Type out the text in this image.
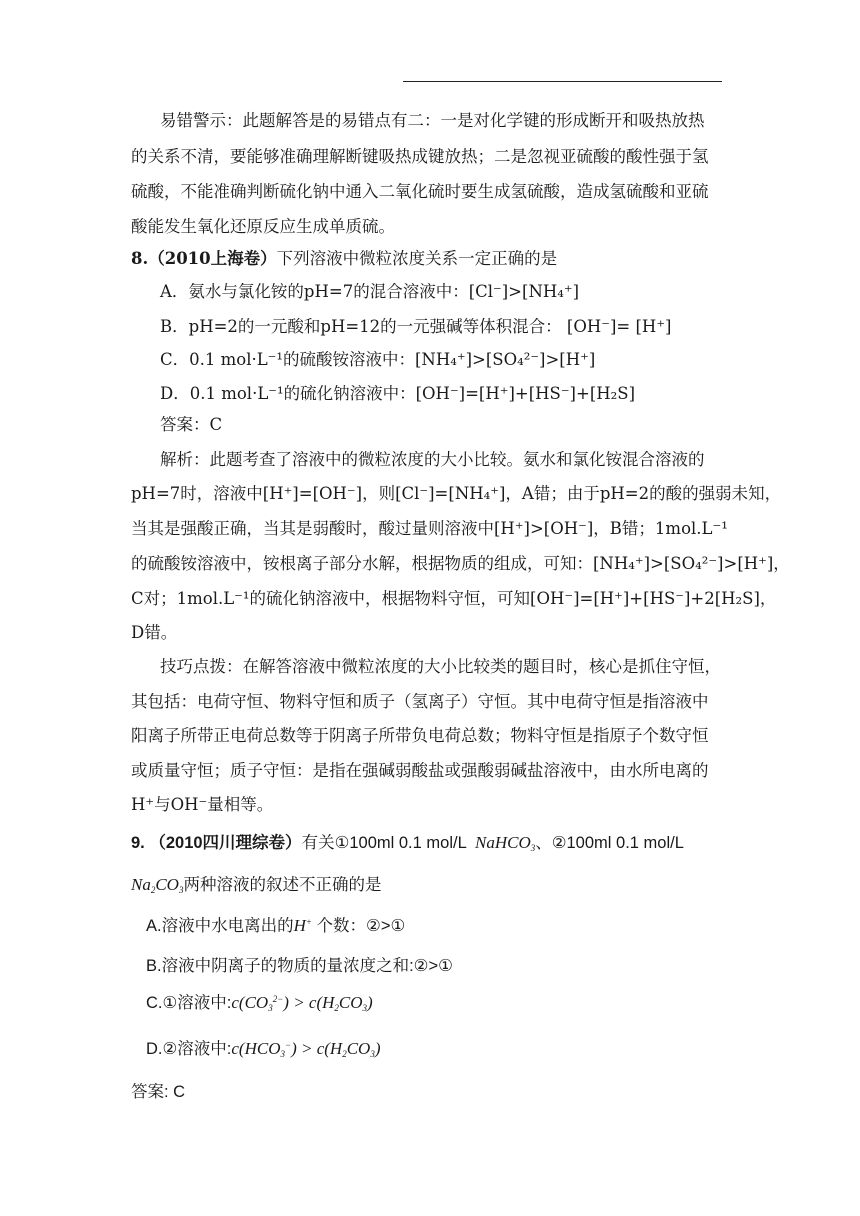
易错警示：此题解答是的易错点有二：一是对化学键的形成断开和吸热放热
的关系不清，要能够准确理解断键吸热成键放热；二是忽视亚硫酸的酸性强于氢
硫酸，不能准确判断硫化钠中通入二氧化硫时要生成氢硫酸，造成氢硫酸和亚硫
酸能发生氧化还原反应生成单质硫。
8.（2010上海卷）下列溶液中微粒浓度关系一定正确的是
A．氨水与氯化铵的pH=7的混合溶液中：[Cl⁻]>[NH₄⁺]
B．pH=2的一元酸和pH=12的一元强碱等体积混合： [OH⁻]= [H⁺]
C．0.1 mol·L⁻¹的硫酸铵溶液中：[NH₄⁺]>[SO₄²⁻]>[H⁺]
D．0.1 mol·L⁻¹的硫化钠溶液中：[OH⁻]=[H⁺]+[HS⁻]+[H₂S]
答案：C
解析：此题考查了溶液中的微粒浓度的大小比较。氨水和氯化铵混合溶液的
pH=7时，溶液中[H⁺]=[OH⁻]，则[Cl⁻]=[NH₄⁺]，A错；由于pH=2的酸的强弱未知，
当其是强酸正确，当其是弱酸时，酸过量则溶液中[H⁺]>[OH⁻]，B错；1mol.L⁻¹
的硫酸铵溶液中，铵根离子部分水解，根据物质的组成，可知：[NH₄⁺]>[SO₄²⁻]>[H⁺]，
C对；1mol.L⁻¹的硫化钠溶液中，根据物料守恒，可知[OH⁻]=[H⁺]+[HS⁻]+2[H₂S]，
D错。
技巧点拨：在解答溶液中微粒浓度的大小比较类的题目时，核心是抓住守恒，
其包括：电荷守恒、物料守恒和质子（氢离子）守恒。其中电荷守恒是指溶液中
阳离子所带正电荷总数等于阴离子所带负电荷总数；物料守恒是指原子个数守恒
或质量守恒；质子守恒：是指在强碱弱酸盐或强酸弱碱盐溶液中，由水所电离的
H⁺与OH⁻量相等。
9. （2010四川理综卷）有关①100ml 0.1 mol/L  NaHCO$_3$、②100ml 0.1 mol/L
$Na_2CO_3$两种溶液的叙述不正确的是
A.溶液中水电离出的H+ 个数：②>①
B.溶液中阴离子的物质的量浓度之和:②>①
C.①溶液中$:c(CO_3^{2-}) > c(H_2CO_3)$
D.②溶液中$:c(HCO_3^-) > c(H_2CO_3)$
答案: C
